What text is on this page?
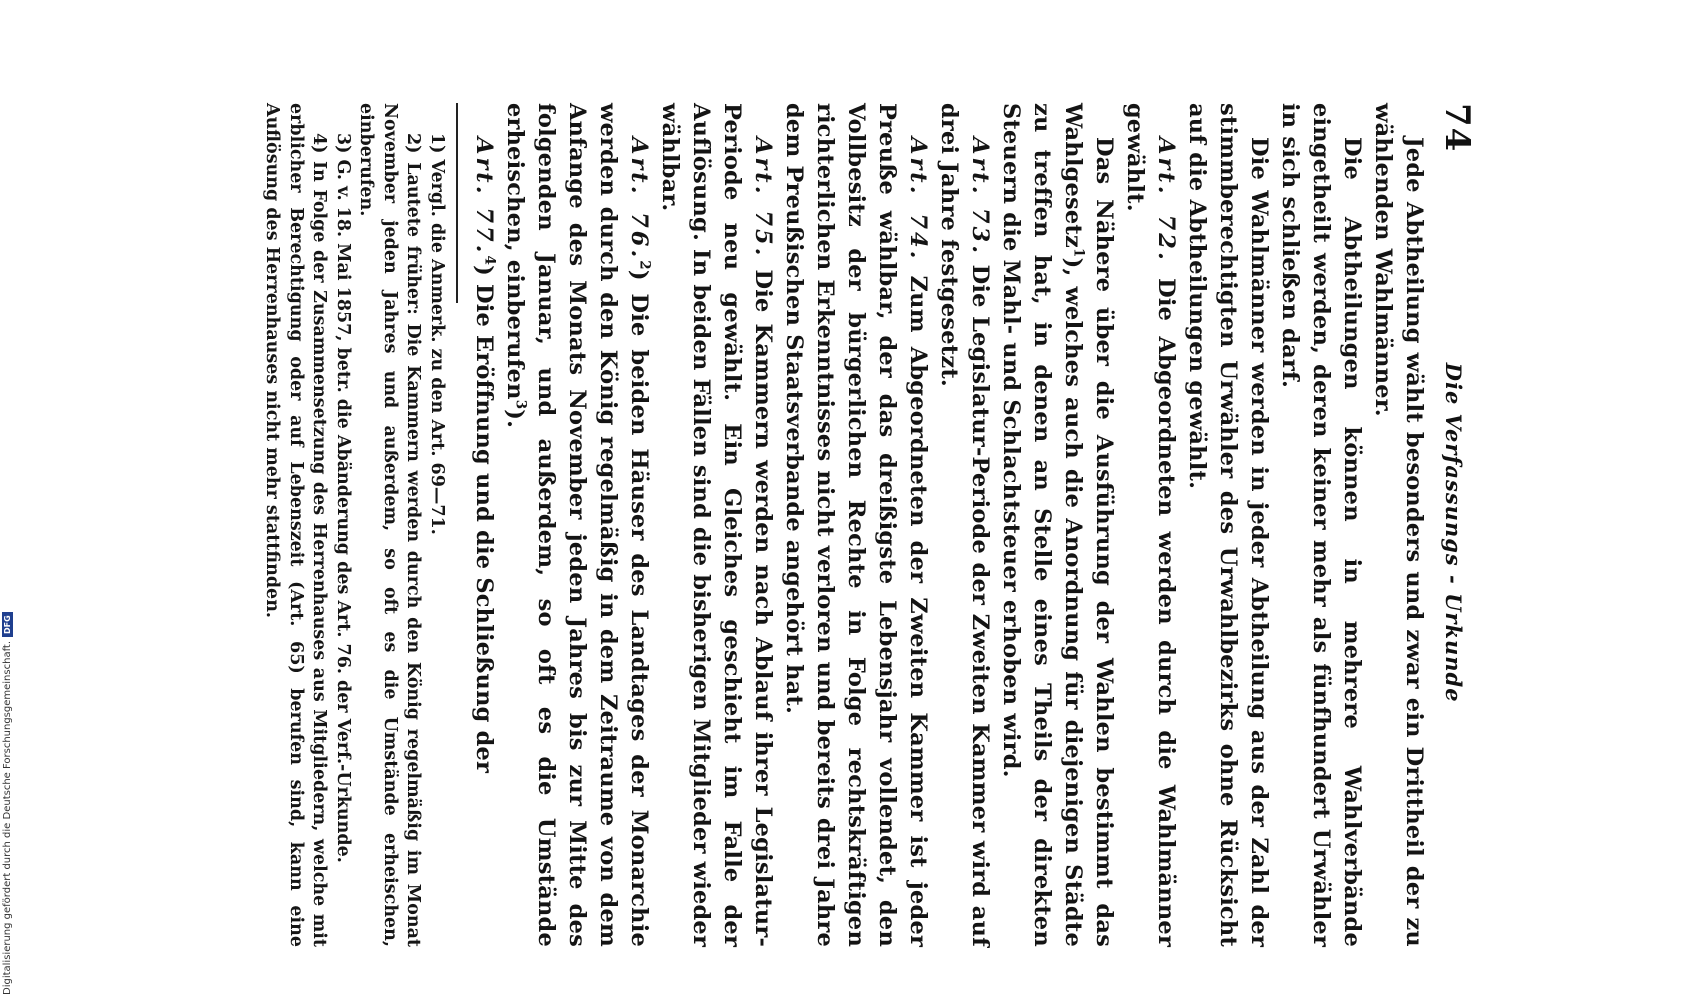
Digitalisierung gefördert durch die Deutsche Forschungsgemeinschaft.
DFG
74
Die Verfassungs - Urkunde

Jede Abtheilung wählt besonders und zwar ein Drittheil der zu wählenden Wahlmänner.

Die Abtheilungen können in mehrere Wahlverbände eingetheilt werden, deren keiner mehr als fünfhundert Urwähler in sich schließen darf.

Die Wahlmänner werden in jeder Abtheilung aus der Zahl der stimmberechtigten Urwähler des Urwahlbezirks ohne Rücksicht auf die Abtheilungen gewählt.

Art. 72. Die Abgeordneten werden durch die Wahlmänner gewählt.

Das Nähere über die Ausführung der Wahlen bestimmt das Wahlgesetz$^1$), welches auch die Anordnung für diejenigen Städte zu treffen hat, in denen an Stelle eines Theils der direkten Steuern die Mahl- und Schlachtsteuer erhoben wird.

Art. 73. Die Legislatur-Periode der Zweiten Kammer wird auf drei Jahre festgesetzt.

Art. 74. Zum Abgeordneten der Zweiten Kammer ist jeder Preuße wählbar, der das dreißigste Lebensjahr vollendet, den Vollbesitz der bürgerlichen Rechte in Folge rechtskräftigen richterlichen Erkenntnisses nicht verloren und bereits drei Jahre dem Preußischen Staatsverbande angehört hat.

Art. 75. Die Kammern werden nach Ablauf ihrer Legislatur-Periode neu gewählt. Ein Gleiches geschieht im Falle der Auflösung. In beiden Fällen sind die bisherigen Mitglieder wieder wählbar.

Art. 76.$^2$) Die beiden Häuser des Landtages der Monarchie werden durch den König regelmäßig in dem Zeitraume von dem Anfange des Monats November jeden Jahres bis zur Mitte des folgenden Januar, und außerdem, so oft es die Umstände erheischen, einberufen$^3$).

Art. 77.$^4$) Die Eröffnung und die Schließung der

1) Vergl. die Anmerk. zu den Art. 69—71.

2) Lautete früher: Die Kammern werden durch den König regelmäßig im Monat November jeden Jahres und außerdem, so oft es die Umstände erheischen, einberufen.

3) G. v. 18. Mai 1857, betr. die Abänderung des Art. 76. der Verf.-Urkunde.

4) In Folge der Zusammensetzung des Herrenhauses aus Mitgliedern, welche mit erblicher Berechtigung oder auf Lebenszeit (Art. 65) berufen sind, kann eine Auflösung des Herrenhauses nicht mehr stattfinden.
